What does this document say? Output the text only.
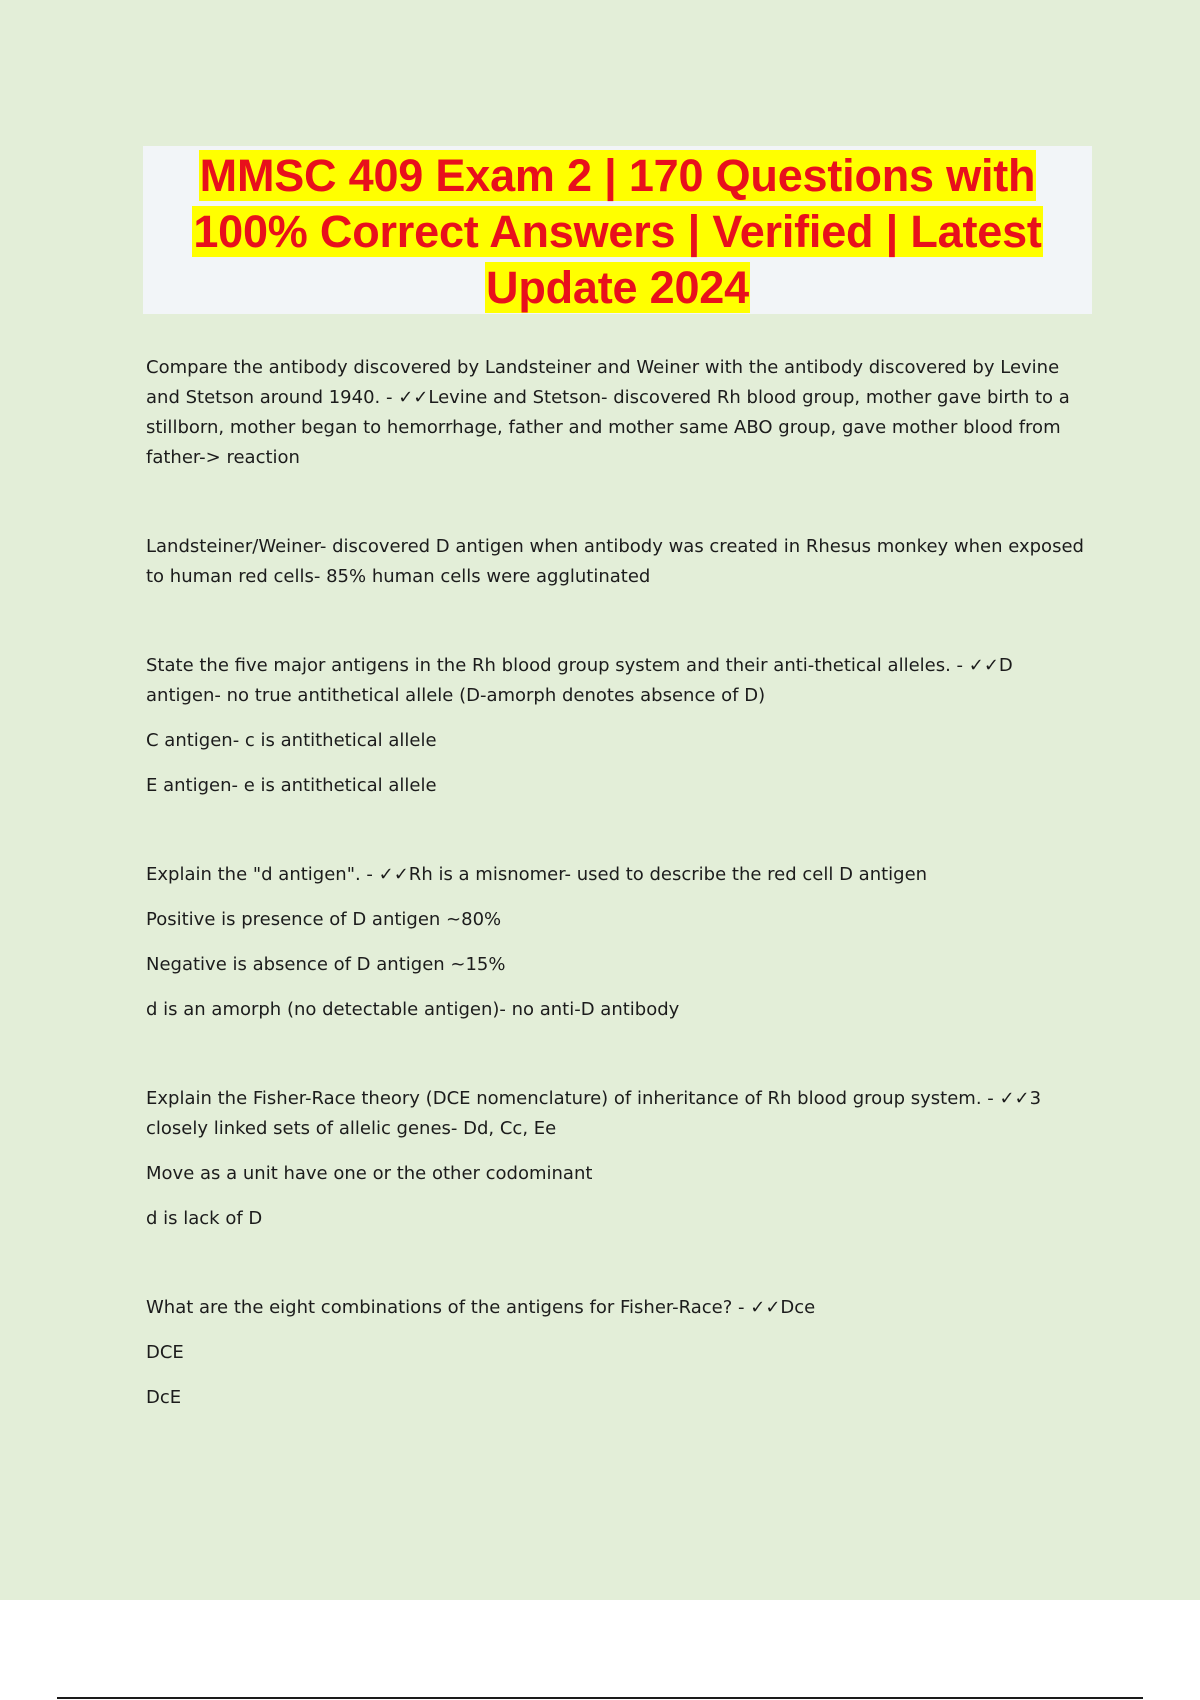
MMSC 409 Exam 2 | 170 Questions with
100% Correct Answers | Verified | Latest
Update 2024

Compare the antibody discovered by Landsteiner and Weiner with the antibody discovered by Levine and Stetson around 1940. - ✓✓Levine and Stetson- discovered Rh blood group, mother gave birth to a stillborn, mother began to hemorrhage, father and mother same ABO group, gave mother blood from father-> reaction

Landsteiner/Weiner- discovered D antigen when antibody was created in Rhesus monkey when exposed to human red cells- 85% human cells were agglutinated

State the five major antigens in the Rh blood group system and their anti-thetical alleles. - ✓✓D antigen- no true antithetical allele (D-amorph denotes absence of D)

C antigen- c is antithetical allele

E antigen- e is antithetical allele

Explain the "d antigen". - ✓✓Rh is a misnomer- used to describe the red cell D antigen

Positive is presence of D antigen ~80%

Negative is absence of D antigen ~15%

d is an amorph (no detectable antigen)- no anti-D antibody

Explain the Fisher-Race theory (DCE nomenclature) of inheritance of Rh blood group system. - ✓✓3 closely linked sets of allelic genes- Dd, Cc, Ee

Move as a unit have one or the other codominant

d is lack of D

What are the eight combinations of the antigens for Fisher-Race? - ✓✓Dce

DCE

DcE
